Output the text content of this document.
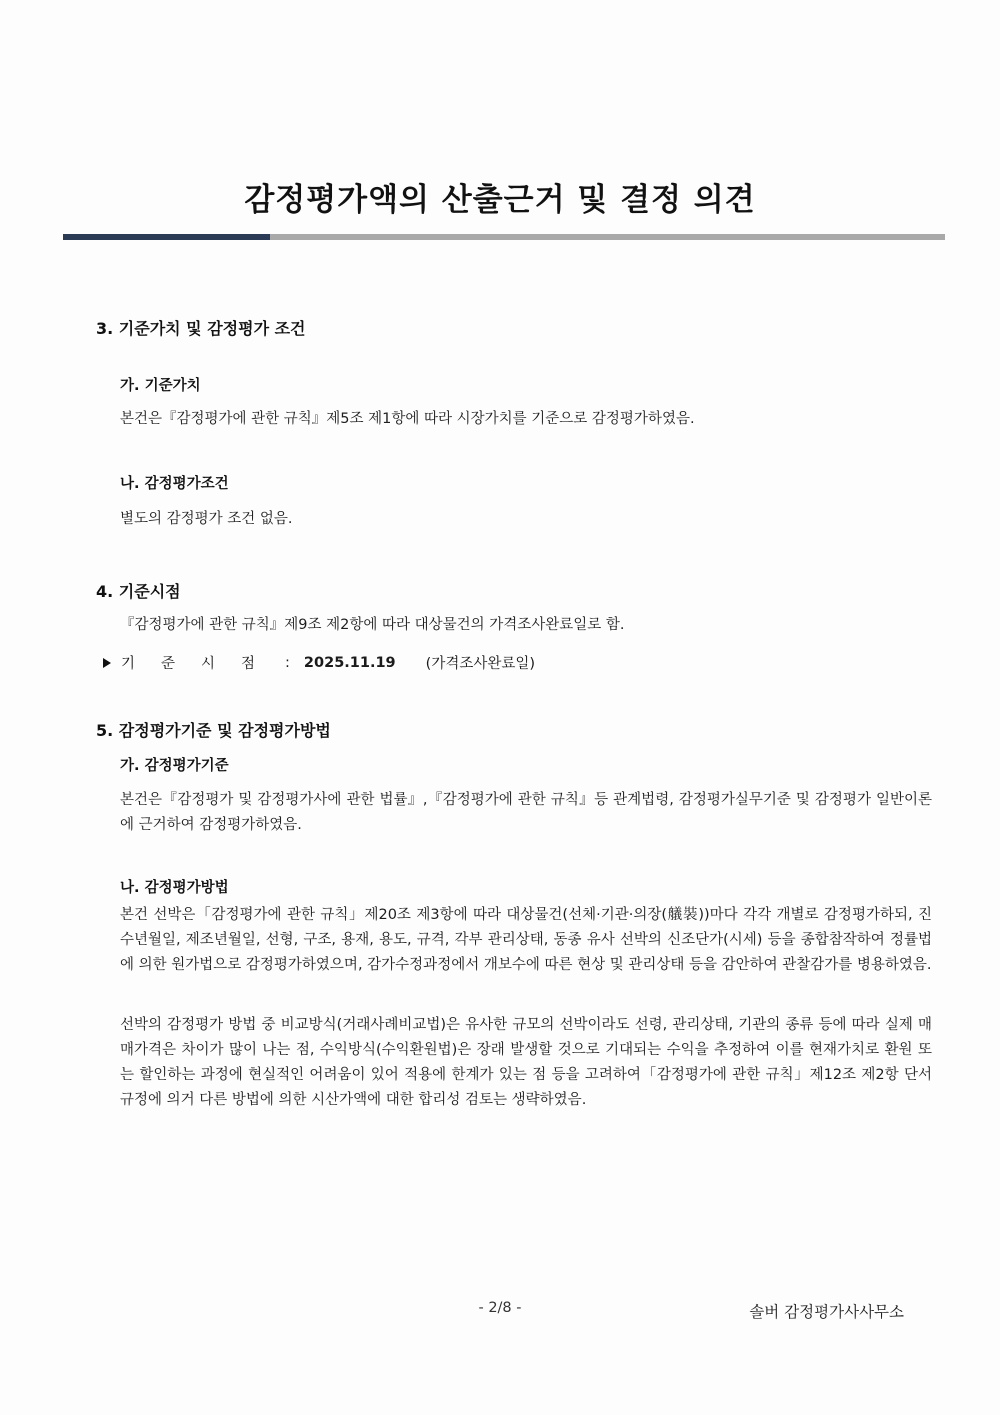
감정평가액의 산출근거 및 결정 의견
3. 기준가치 및 감정평가 조건
가. 기준가치
본건은『감정평가에 관한 규칙』제5조 제1항에 따라 시장가치를 기준으로 감정평가하였음.
나. 감정평가조건
별도의 감정평가 조건 없음.
4. 기준시점
『감정평가에 관한 규칙』제9조 제2항에 따라 대상물건의 가격조사완료일로 함.
기준시점 : 2025.11.19 (가격조사완료일)
5. 감정평가기준 및 감정평가방법
가. 감정평가기준
본건은『감정평가 및 감정평가사에 관한 법률』,『감정평가에 관한 규칙』등 관계법령, 감정평가실무기준 및 감정평가 일반이론에 근거하여 감정평가하였음.
나. 감정평가방법
본건 선박은「감정평가에 관한 규칙」제20조 제3항에 따라 대상물건(선체·기관·의장(艤裝))마다 각각 개별로 감정평가하되, 진수년월일, 제조년월일, 선형, 구조, 용재, 용도, 규격, 각부 관리상태, 동종 유사 선박의 신조단가(시세) 등을 종합참작하여 정률법에 의한 원가법으로 감정평가하였으며, 감가수정과정에서 개보수에 따른 현상 및 관리상태 등을 감안하여 관찰감가를 병용하였음.
선박의 감정평가 방법 중 비교방식(거래사례비교법)은 유사한 규모의 선박이라도 선령, 관리상태, 기관의 종류 등에 따라 실제 매매가격은 차이가 많이 나는 점, 수익방식(수익환원법)은 장래 발생할 것으로 기대되는 수익을 추정하여 이를 현재가치로 환원 또는 할인하는 과정에 현실적인 어려움이 있어 적용에 한계가 있는 점 등을 고려하여「감정평가에 관한 규칙」제12조 제2항 단서 규정에 의거 다른 방법에 의한 시산가액에 대한 합리성 검토는 생략하였음.
- 2/8 -	솔버 감정평가사사무소
